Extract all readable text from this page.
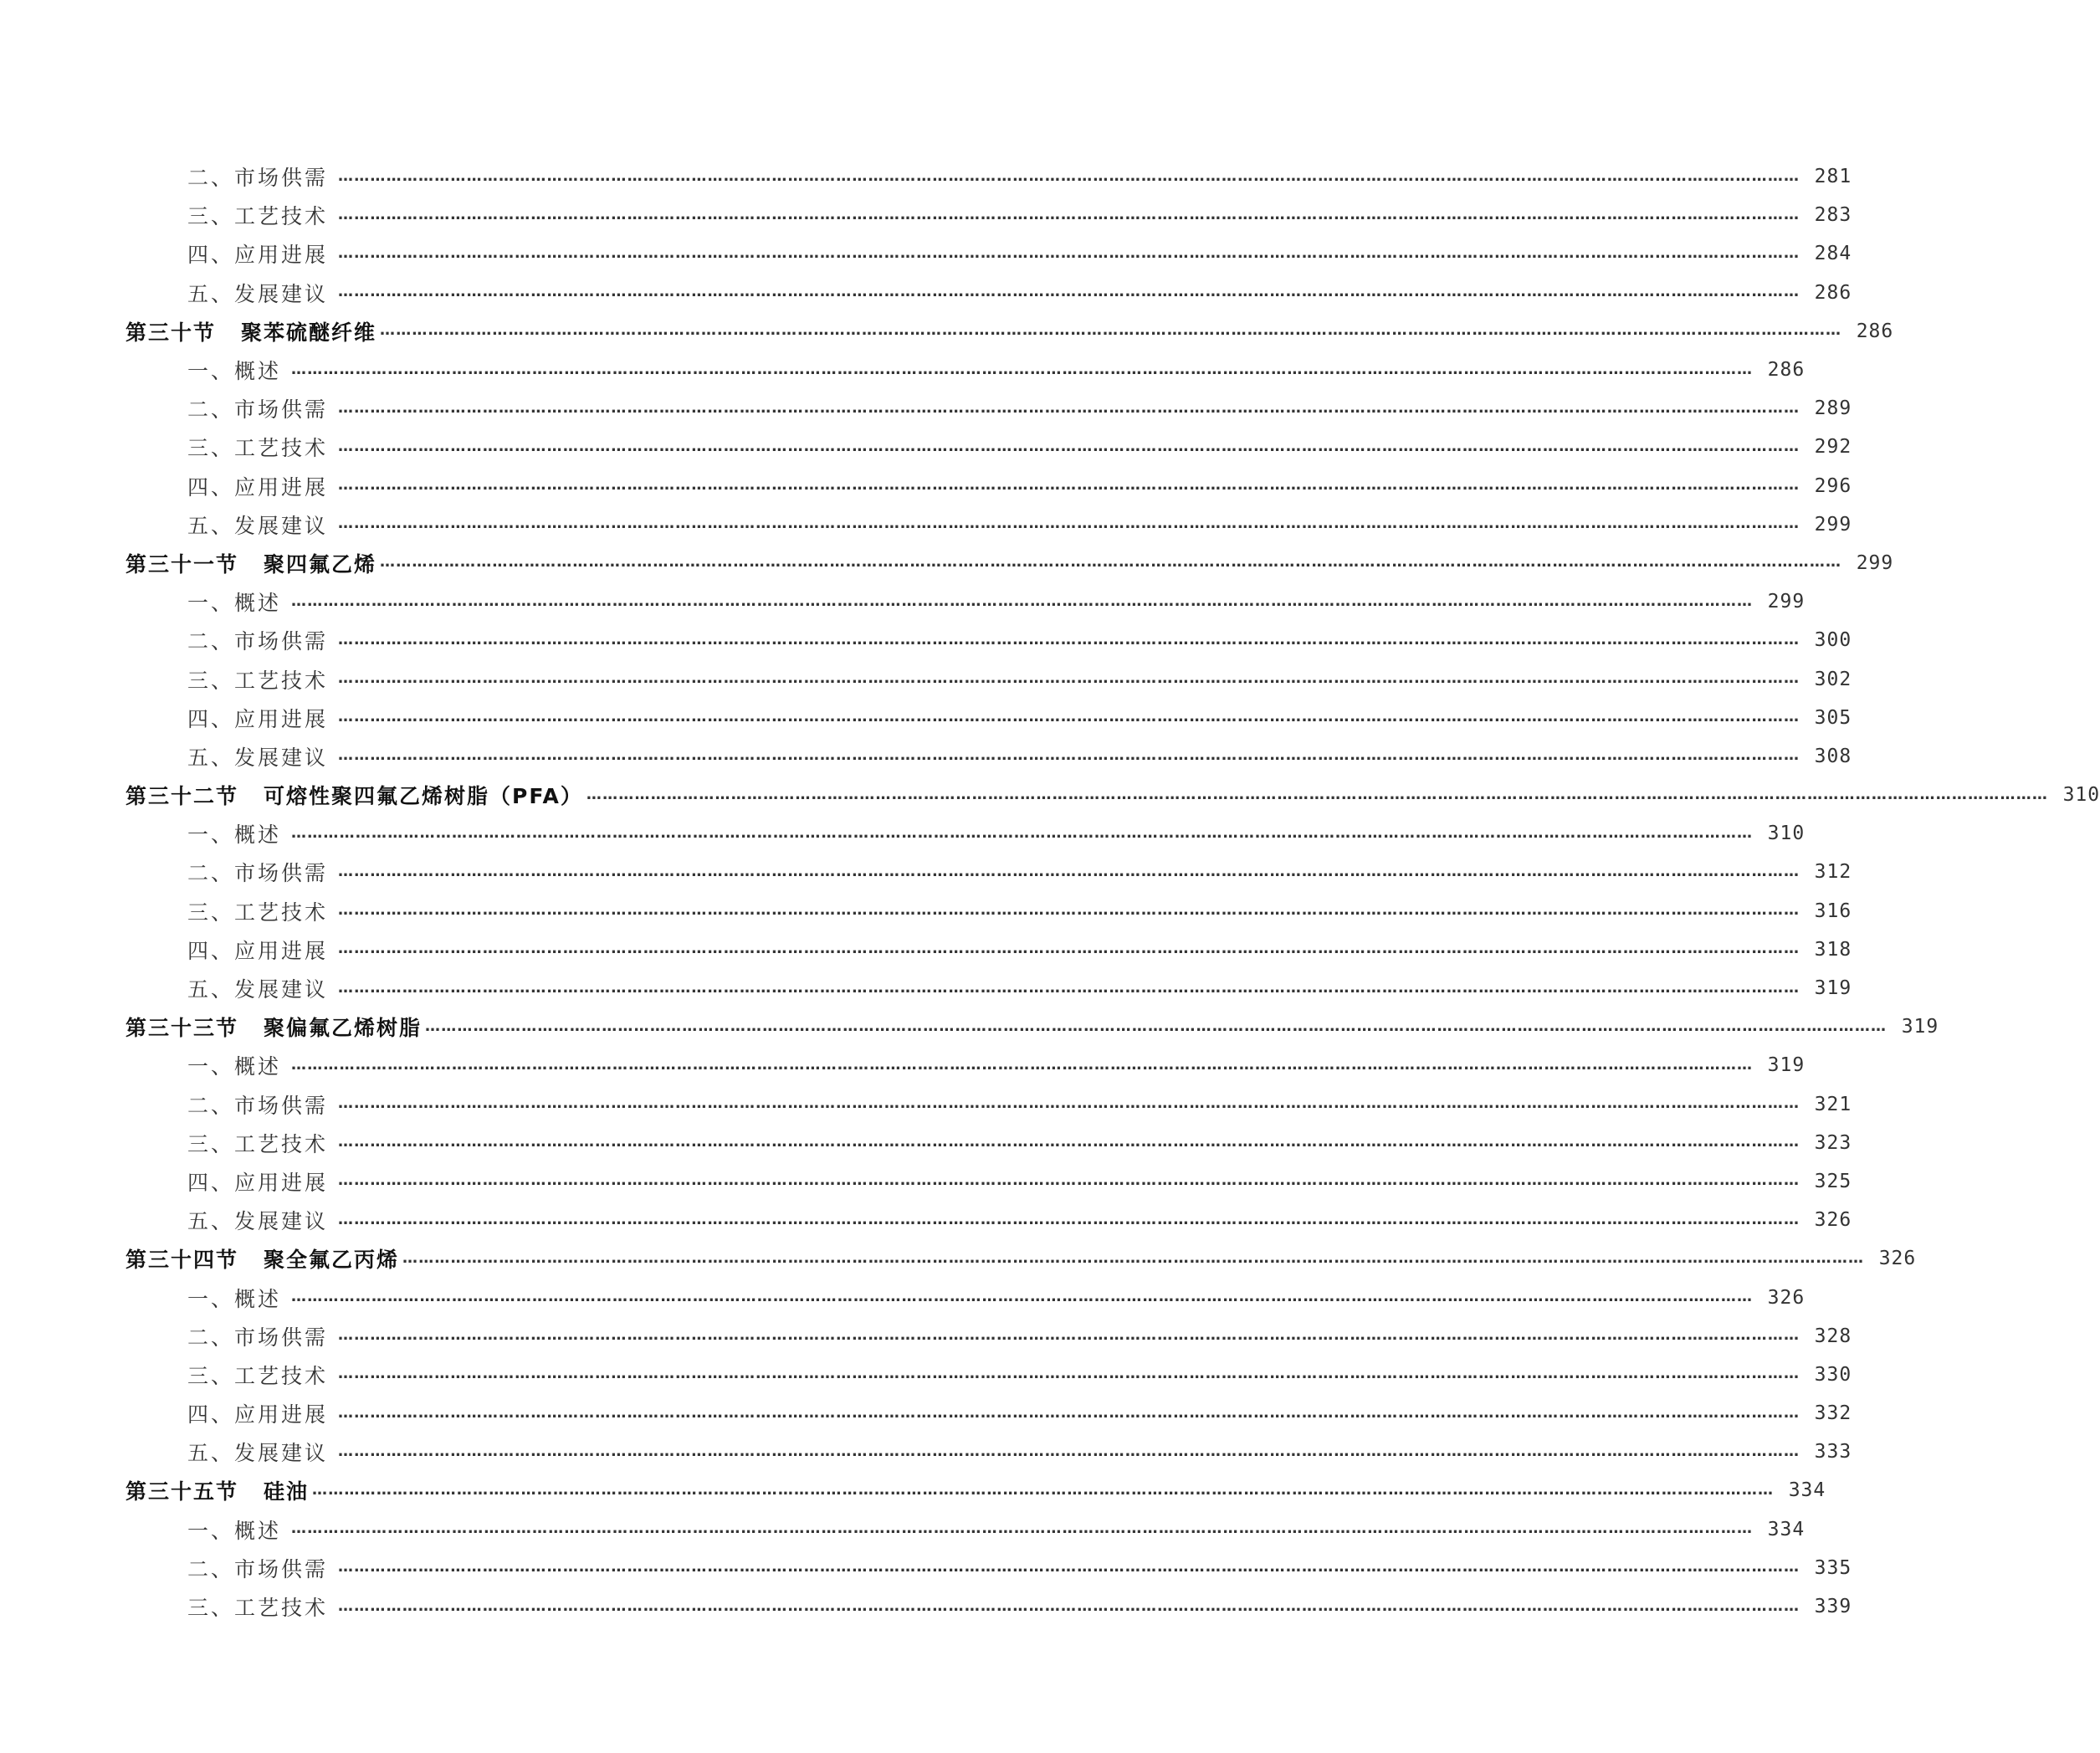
二、市场供需 ………………………………………………………………………………………………………………………………………………………………………………………………………………………………………………… 281
三、工艺技术 ………………………………………………………………………………………………………………………………………………………………………………………………………………………………………………… 283
四、应用进展 ………………………………………………………………………………………………………………………………………………………………………………………………………………………………………………… 284
五、发展建议 ………………………………………………………………………………………………………………………………………………………………………………………………………………………………………………… 286
第三十节 聚苯硫醚纤维 ………………………………………………………………………………………………………………………………………………………………………………………………………………………………………………… 286
一、概述 ………………………………………………………………………………………………………………………………………………………………………………………………………………………………………………… 286
二、市场供需 ………………………………………………………………………………………………………………………………………………………………………………………………………………………………………………… 289
三、工艺技术 ………………………………………………………………………………………………………………………………………………………………………………………………………………………………………………… 292
四、应用进展 ………………………………………………………………………………………………………………………………………………………………………………………………………………………………………………… 296
五、发展建议 ………………………………………………………………………………………………………………………………………………………………………………………………………………………………………………… 299
第三十一节 聚四氟乙烯 ………………………………………………………………………………………………………………………………………………………………………………………………………………………………………………… 299
一、概述 ………………………………………………………………………………………………………………………………………………………………………………………………………………………………………………… 299
二、市场供需 ………………………………………………………………………………………………………………………………………………………………………………………………………………………………………………… 300
三、工艺技术 ………………………………………………………………………………………………………………………………………………………………………………………………………………………………………………… 302
四、应用进展 ………………………………………………………………………………………………………………………………………………………………………………………………………………………………………………… 305
五、发展建议 ………………………………………………………………………………………………………………………………………………………………………………………………………………………………………………… 308
第三十二节 可熔性聚四氟乙烯树脂（PFA） ………………………………………………………………………………………………………………………………………………………………………………………………………………………………………………… 310
一、概述 ………………………………………………………………………………………………………………………………………………………………………………………………………………………………………………… 310
二、市场供需 ………………………………………………………………………………………………………………………………………………………………………………………………………………………………………………… 312
三、工艺技术 ………………………………………………………………………………………………………………………………………………………………………………………………………………………………………………… 316
四、应用进展 ………………………………………………………………………………………………………………………………………………………………………………………………………………………………………………… 318
五、发展建议 ………………………………………………………………………………………………………………………………………………………………………………………………………………………………………………… 319
第三十三节 聚偏氟乙烯树脂 ………………………………………………………………………………………………………………………………………………………………………………………………………………………………………………… 319
一、概述 ………………………………………………………………………………………………………………………………………………………………………………………………………………………………………………… 319
二、市场供需 ………………………………………………………………………………………………………………………………………………………………………………………………………………………………………………… 321
三、工艺技术 ………………………………………………………………………………………………………………………………………………………………………………………………………………………………………………… 323
四、应用进展 ………………………………………………………………………………………………………………………………………………………………………………………………………………………………………………… 325
五、发展建议 ………………………………………………………………………………………………………………………………………………………………………………………………………………………………………………… 326
第三十四节 聚全氟乙丙烯 ………………………………………………………………………………………………………………………………………………………………………………………………………………………………………………… 326
一、概述 ………………………………………………………………………………………………………………………………………………………………………………………………………………………………………………… 326
二、市场供需 ………………………………………………………………………………………………………………………………………………………………………………………………………………………………………………… 328
三、工艺技术 ………………………………………………………………………………………………………………………………………………………………………………………………………………………………………………… 330
四、应用进展 ………………………………………………………………………………………………………………………………………………………………………………………………………………………………………………… 332
五、发展建议 ………………………………………………………………………………………………………………………………………………………………………………………………………………………………………………… 333
第三十五节 硅油 ………………………………………………………………………………………………………………………………………………………………………………………………………………………………………………… 334
一、概述 ………………………………………………………………………………………………………………………………………………………………………………………………………………………………………………… 334
二、市场供需 ………………………………………………………………………………………………………………………………………………………………………………………………………………………………………………… 335
三、工艺技术 ………………………………………………………………………………………………………………………………………………………………………………………………………………………………………………… 339
